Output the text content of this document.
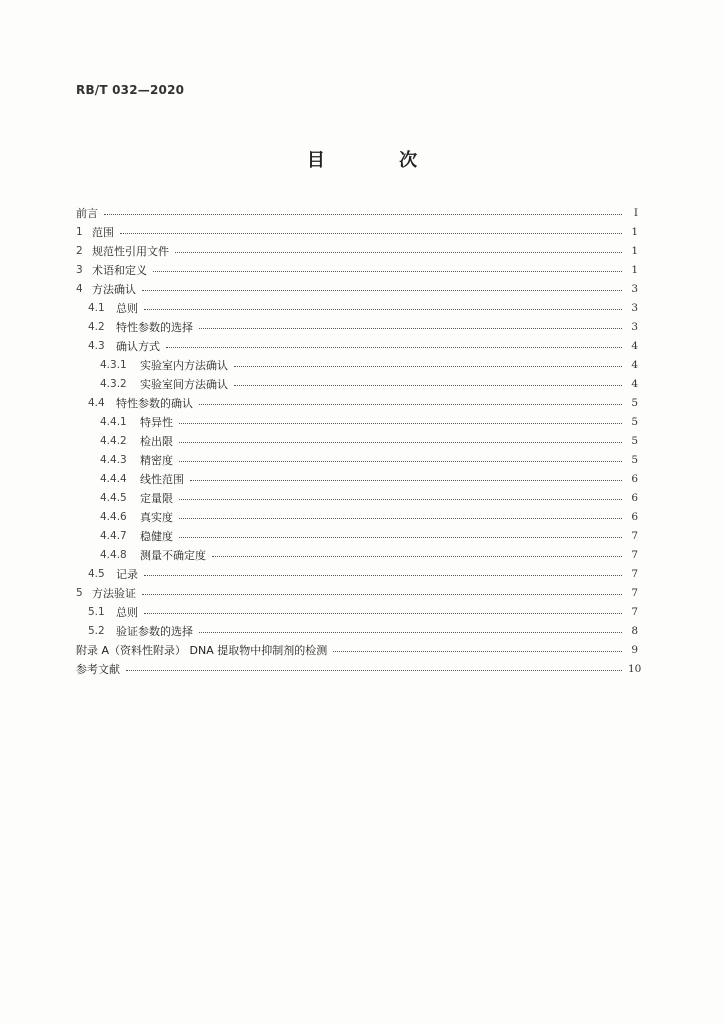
RB/T 032—2020
目 次
前言	I
1 范围	1
2 规范性引用文件	1
3 术语和定义	1
4 方法确认	3
4.1	总则	3
4.2	特性参数的选择	3
4.3	确认方式	4
4.3.1	实验室内方法确认	4
4.3.2	实验室间方法确认	4
4.4	特性参数的确认	5
4.4.1	特异性	5
4.4.2	检出限	5
4.4.3	精密度	5
4.4.4	线性范围	6
4.4.5	定量限	6
4.4.6	真实度	6
4.4.7	稳健度	7
4.4.8	测量不确定度	7
4.5	记录	7
5 方法验证	7
5.1	总则	7
5.2	验证参数的选择	8
附录 A（资料性附录） DNA 提取物中抑制剂的检测	9
参考文献	10
